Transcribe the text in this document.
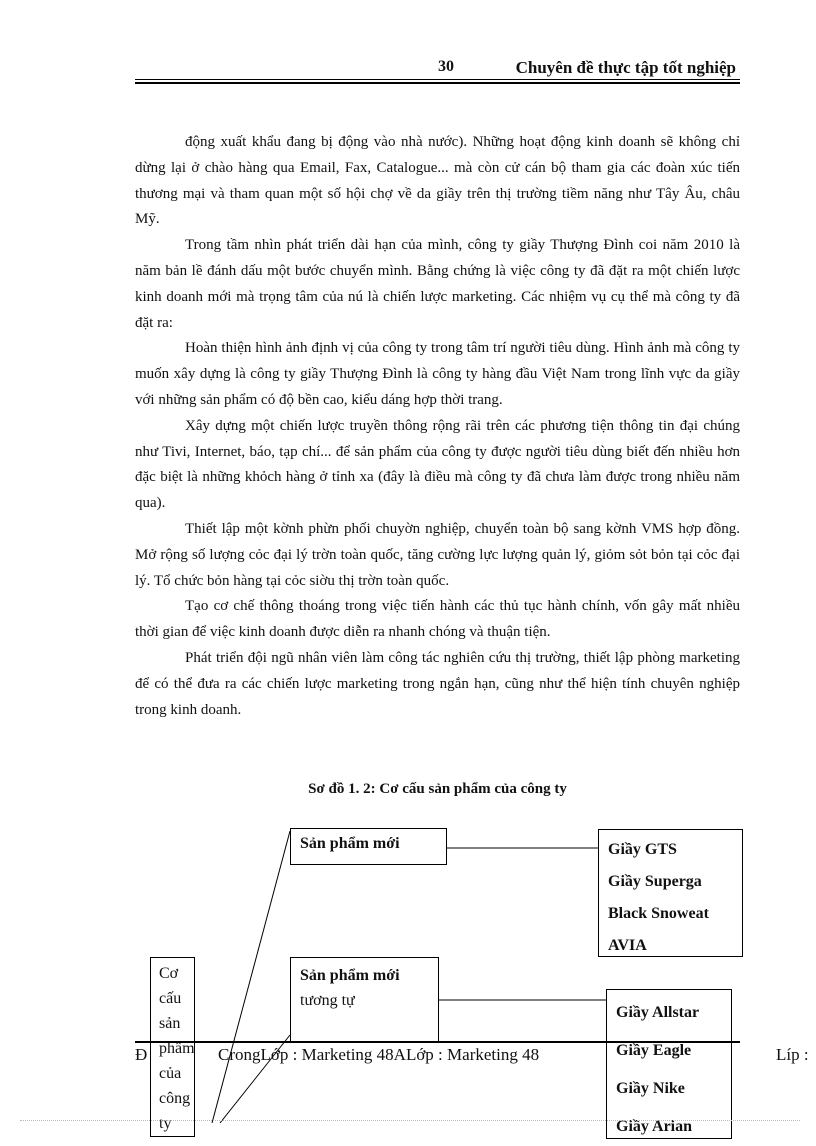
30	Chuyên đề thực tập tốt nghiệp

động xuất khẩu đang bị động vào nhà nước). Những hoạt động kinh doanh sẽ không chỉ dừng lại ở chào hàng qua Email, Fax, Catalogue... mà còn cử cán bộ tham gia các đoàn xúc tiến thương mại và tham quan một số hội chợ về da giầy trên thị trường tiềm năng như Tây Âu, châu Mỹ.

Trong tầm nhìn phát triển dài hạn của mình, công ty giầy Thượng Đình coi năm 2010 là năm bản lề đánh dấu một bước chuyển mình. Bằng chứng là việc công ty đã đặt ra một chiến lược kinh doanh mới mà trọng tâm của nú là chiến lược marketing. Các nhiệm vụ cụ thể mà công ty đã đặt ra:

Hoàn thiện hình ảnh định vị của công ty trong tâm trí người tiêu dùng. Hình ảnh mà công ty muốn xây dựng là công ty giầy Thượng Đình là công ty hàng đầu Việt Nam trong lĩnh vực da giầy với những sản phẩm có độ bền cao, kiểu dáng hợp thời trang.

Xây dựng một chiến lược truyền thông rộng rãi trên các phương tiện thông tin đại chúng như Tivi, Internet, báo, tạp chí... để sản phẩm của công ty được người tiêu dùng biết đến nhiều hơn đặc biệt là những khỏch hàng ở tỉnh xa (đây là điều mà công ty đã chưa làm được trong nhiều năm qua).

Thiết lập một kờnh phừn phối chuyờn nghiệp, chuyển toàn bộ sang kờnh VMS hợp đồng. Mở rộng số lượng cỏc đại lý trờn toàn quốc, tăng cường lực lượng quản lý, giỏm sỏt bỏn tại cỏc đại lý. Tổ chức bỏn hàng tại cỏc siờu thị trờn toàn quốc.

Tạo cơ chế thông thoáng trong việc tiến hành các thủ tục hành chính, vốn gây mất nhiều thời gian để việc kinh doanh được diễn ra nhanh chóng và thuận tiện.

Phát triển đội ngũ nhân viên làm công tác nghiên cứu thị trường, thiết lập phòng marketing để có thể đưa ra các chiến lược marketing trong ngắn hạn, cũng như thể hiện tính chuyên nghiệp trong kinh doanh.

Sơ đồ 1. 2: Cơ cấu sản phẩm của công ty
Sản phẩm mới
Sản phẩm mới
tương tự
Cơ
cấu
sản
phẩm
của
công
ty
Giầy GTS
Giầy Superga
Black Snoweat
AVIA
Giầy Allstar
Giầy Eagle
Giầy Nike
Giầy Arian
Đ	CrongLớp : Marketing 48ALớp : Marketing 48	Líp :
